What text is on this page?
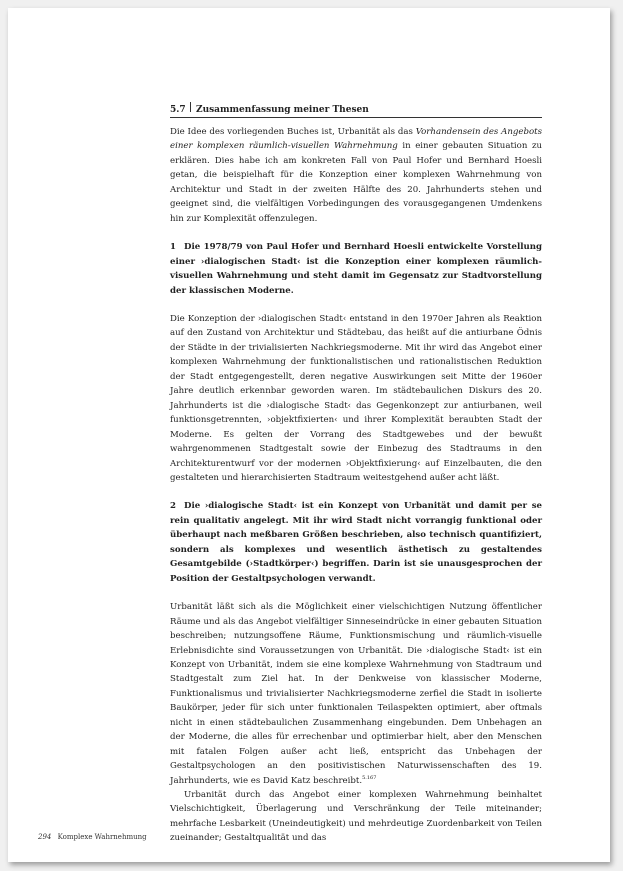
5.7	Zusammenfassung meiner Thesen

Die Idee des vorliegenden Buches ist, Urbanität als das Vorhandensein des Angebots einer komplexen räumlich-visuellen Wahrnehmung in einer gebauten Situation zu erklären. Dies habe ich am konkreten Fall von Paul Hofer und Bernhard Hoesli getan, die beispielhaft für die Konzeption einer komplexen Wahrnehmung von Architektur und Stadt in der zweiten Hälfte des 20. Jahrhunderts stehen und geeignet sind, die vielfältigen Vorbedingungen des vorausgegangenen Umdenkens hin zur Komplexität offenzulegen.

1 Die 1978/79 von Paul Hofer und Bernhard Hoesli entwickelte Vorstellung einer ›dialogischen Stadt‹ ist die Konzeption einer komplexen räumlich-visuellen Wahrnehmung und steht damit im Gegensatz zur Stadtvorstellung der klassischen Moderne.

Die Konzeption der ›dialogischen Stadt‹ entstand in den 1970er Jahren als Reaktion auf den Zustand von Architektur und Städtebau, das heißt auf die antiurbane Ödnis der Städte in der trivialisierten Nachkriegsmoderne. Mit ihr wird das Angebot einer komplexen Wahrnehmung der funktionalistischen und rationalistischen Reduktion der Stadt entgegengestellt, deren negative Auswirkungen seit Mitte der 1960er Jahre deutlich erkennbar geworden waren. Im städtebaulichen Diskurs des 20. Jahrhunderts ist die ›dialogische Stadt‹ das Gegenkonzept zur antiurbanen, weil funktionsgetrennten, ›objektfixierten‹ und ihrer Komplexität beraubten Stadt der Moderne. Es gelten der Vorrang des Stadtgewebes und der bewußt wahrgenommenen Stadtgestalt sowie der Einbezug des Stadtraums in den Architekturentwurf vor der modernen ›Objektfixierung‹ auf Einzelbauten, die den gestalteten und hierarchisierten Stadtraum weitestgehend außer acht läßt.

2 Die ›dialogische Stadt‹ ist ein Konzept von Urbanität und damit per se rein qualitativ angelegt. Mit ihr wird Stadt nicht vorrangig funktional oder überhaupt nach meßbaren Größen beschrieben, also technisch quantifiziert, sondern als komplexes und wesentlich ästhetisch zu gestaltendes Gesamtgebilde (›Stadtkörper‹) begriffen. Darin ist sie unausgesprochen der Position der Gestaltpsychologen verwandt.

Urbanität läßt sich als die Möglichkeit einer vielschichtigen Nutzung öffentlicher Räume und als das Angebot vielfältiger Sinneseindrücke in einer gebauten Situation beschreiben; nutzungsoffene Räume, Funktionsmischung und räumlich-visuelle Erlebnisdichte sind Voraussetzungen von Urbanität. Die ›dialogische Stadt‹ ist ein Konzept von Urbanität, indem sie eine komplexe Wahrnehmung von Stadtraum und Stadtgestalt zum Ziel hat. In der Denkweise von klassischer Moderne, Funktionalismus und trivialisierter Nachkriegsmoderne zerfiel die Stadt in isolierte Baukörper, jeder für sich unter funktionalen Teilaspekten optimiert, aber oftmals nicht in einen städtebaulichen Zusammenhang eingebunden. Dem Unbehagen an der Moderne, die alles für errechenbar und optimierbar hielt, aber den Menschen mit fatalen Folgen außer acht ließ, entspricht das Unbehagen der Gestaltpsychologen an den positivistischen Naturwissenschaften des 19. Jahrhunderts, wie es David Katz beschreibt.$^{5.167}$

Urbanität durch das Angebot einer komplexen Wahrnehmung beinhaltet Vielschichtigkeit, Überlagerung und Verschränkung der Teile miteinander; mehrfache Lesbarkeit (Uneindeutigkeit) und mehrdeutige Zuordenbarkeit von Teilen zueinander; Gestaltqualität und das

294 Komplexe Wahrnehmung
